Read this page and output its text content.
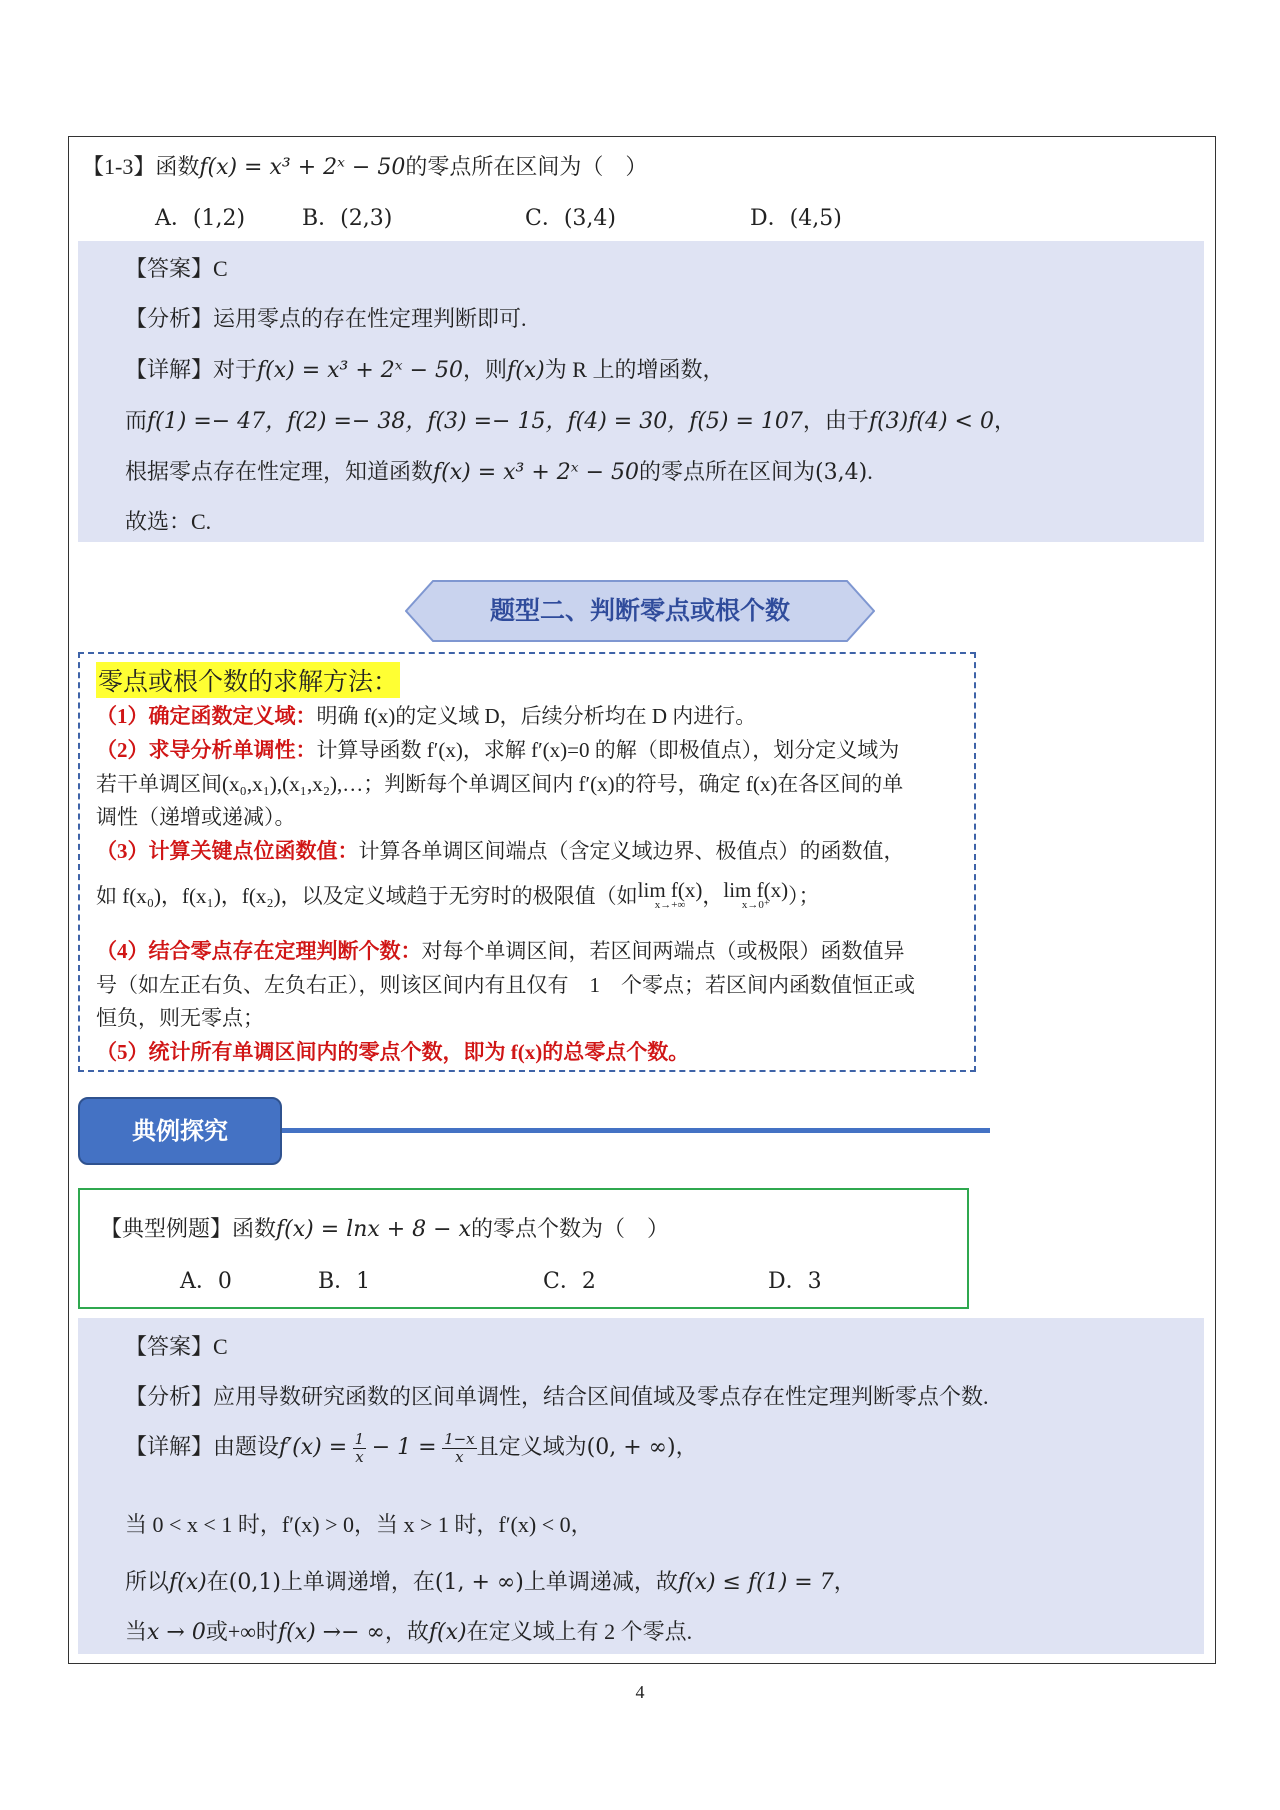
【1-3】函数f(x) = x³ + 2ˣ − 50的零点所在区间为（　）
A．(1,2)	B．(2,3)	C．(3,4)	D．(4,5)
【答案】C
【分析】运用零点的存在性定理判断即可.
【详解】对于f(x) = x³ + 2ˣ − 50，则f(x)为 R 上的增函数，
而f(1) =− 47，f(2) =− 38，f(3) =− 15，f(4) = 30，f(5) = 107，由于f(3)f(4) < 0，
根据零点存在性定理，知道函数f(x) = x³ + 2ˣ − 50的零点所在区间为(3,4).
故选：C.
题型二、判断零点或根个数
零点或根个数的求解方法：
（1）确定函数定义域：明确 f(x)的定义域 D，后续分析均在 D 内进行。
（2）求导分析单调性：计算导函数 f′(x)，求解 f′(x)=0 的解（即极值点），划分定义域为
若干单调区间(x₀,x₁),(x₁,x₂),…；判断每个单调区间内 f′(x)的符号，确定 f(x)在各区间的单
调性（递增或递减）。
（3）计算关键点位函数值：计算各单调区间端点（含定义域边界、极值点）的函数值，
如 f(x₀)，f(x₁)，f(x₂)，以及定义域趋于无穷时的极限值（如lim f(x)
x→+∞ ，lim f(x)
x→0⁺ ）；
（4）结合零点存在定理判断个数：对每个单调区间，若区间两端点（或极限）函数值异
号（如左正右负、左负右正），则该区间内有且仅有　1　个零点；若区间内函数值恒正或
恒负，则无零点；
（5）统计所有单调区间内的零点个数，即为 f(x)的总零点个数。
典例探究
【典型例题】函数f(x) = lnx + 8 − x的零点个数为（　）
A．0	B．1	C．2	D．3
【答案】C
【分析】应用导数研究函数的区间单调性，结合区间值域及零点存在性定理判断零点个数.
【详解】由题设$f'(x) = \frac{1}{x} - 1 = \frac{1-x}{x}$ 且定义域为(0, + ∞)，
当 0 < x < 1 时，f′(x) > 0，当 x > 1 时，f′(x) < 0，
所以f(x)在(0,1)上单调递增，在(1, + ∞)上单调递减，故f(x) ≤ f(1) = 7，
当x → 0或+∞时f(x) →− ∞，故f(x)在定义域上有 2 个零点.
4
